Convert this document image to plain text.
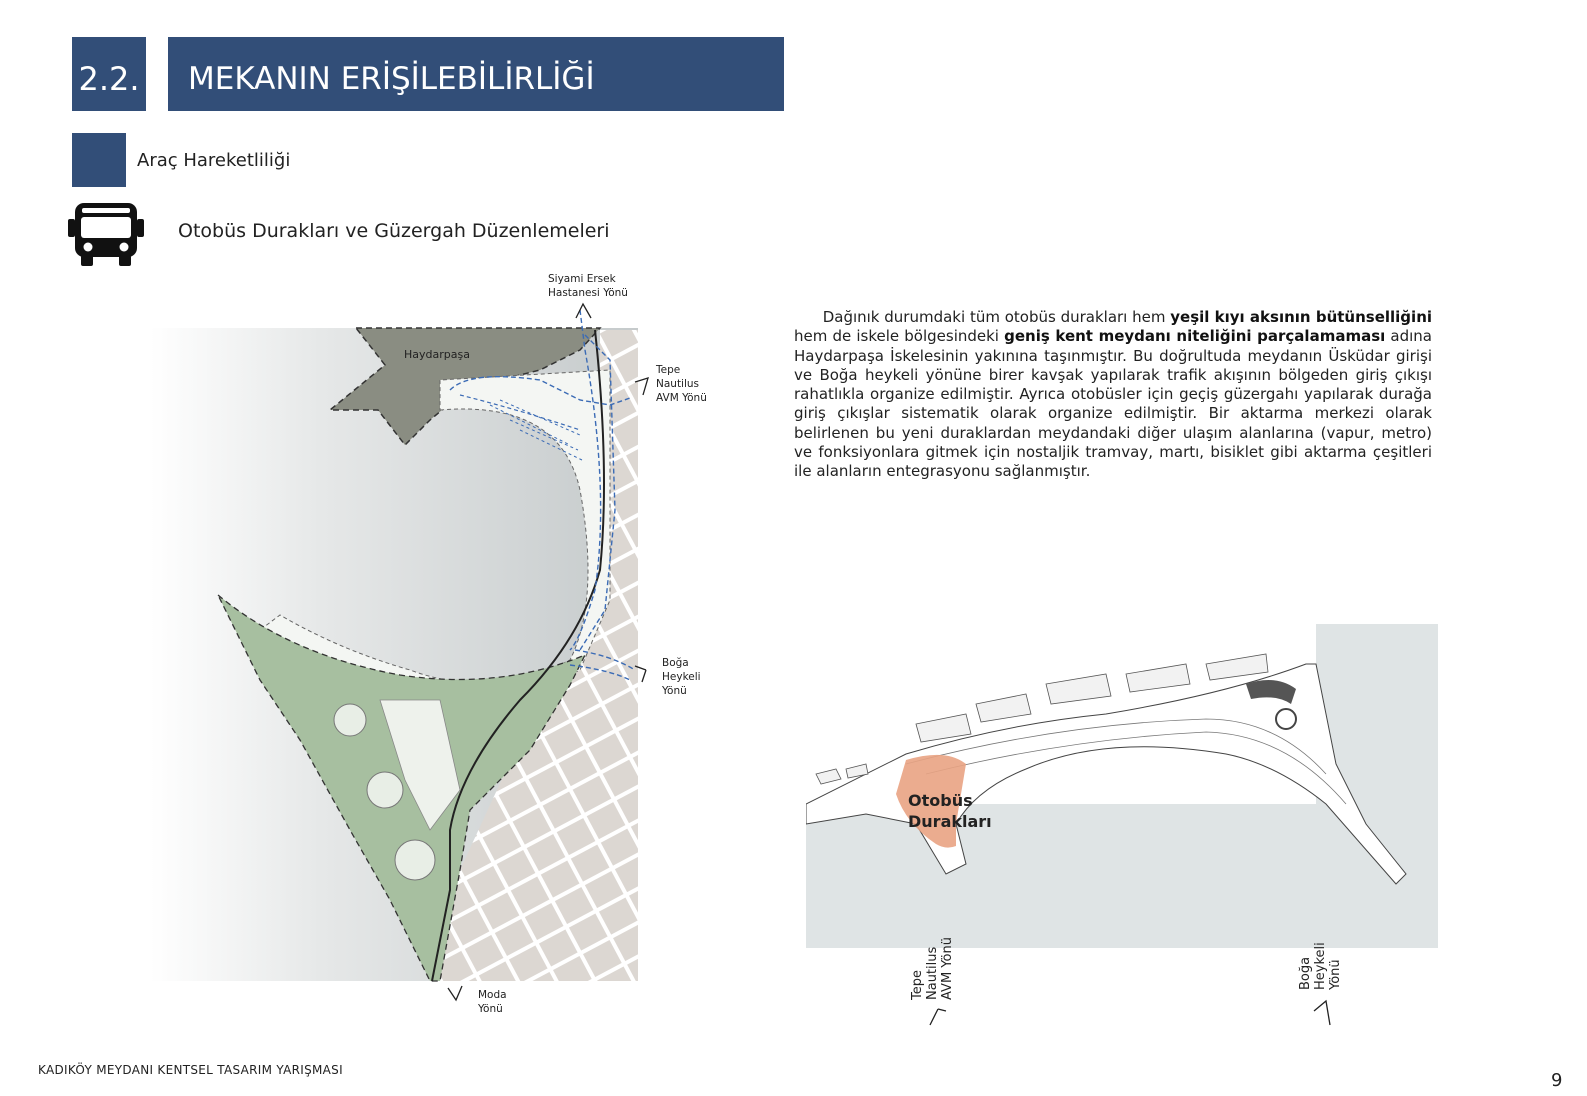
2.2.	MEKANIN ERİŞİLEBİLİRLİĞİ
Araç Hareketliliği
Otobüs Durakları ve Güzergah Düzenlemeleri
Haydarpaşa
Siyami Ersek
Hastanesi Yönü
Tepe
Nautilus
AVM Yönü
Boğa
Heykeli
Yönü
Moda
Yönü
Dağınık durumdaki tüm otobüs durakları hem yeşil kıyı aksının bütünselliğini hem de iskele bölgesindeki geniş kent meydanı niteliğini parçalamaması adına Haydarpaşa İskelesinin yakınına taşınmıştır. Bu doğrultuda meydanın Üsküdar girişi ve Boğa heykeli yönüne birer kavşak yapılarak trafik akışının bölgeden giriş çıkışı rahatlıkla organize edilmiştir. Ayrıca otobüsler için geçiş güzergahı yapılarak durağa giriş çıkışlar sistematik olarak organize edilmiştir. Bir aktarma merkezi olarak belirlenen bu yeni duraklardan meydandaki diğer ulaşım alanlarına (vapur, metro) ve fonksiyonlara gitmek için nostaljik tramvay, martı, bisiklet gibi aktarma çeşitleri ile alanların entegrasyonu sağlanmıştır.
Otobüs
Durakları
Tepe Nautilus AVM Yönü	Boğa Heykeli Yönü
KADIKÖY MEYDANI KENTSEL TASARIM YARIŞMASI	9
